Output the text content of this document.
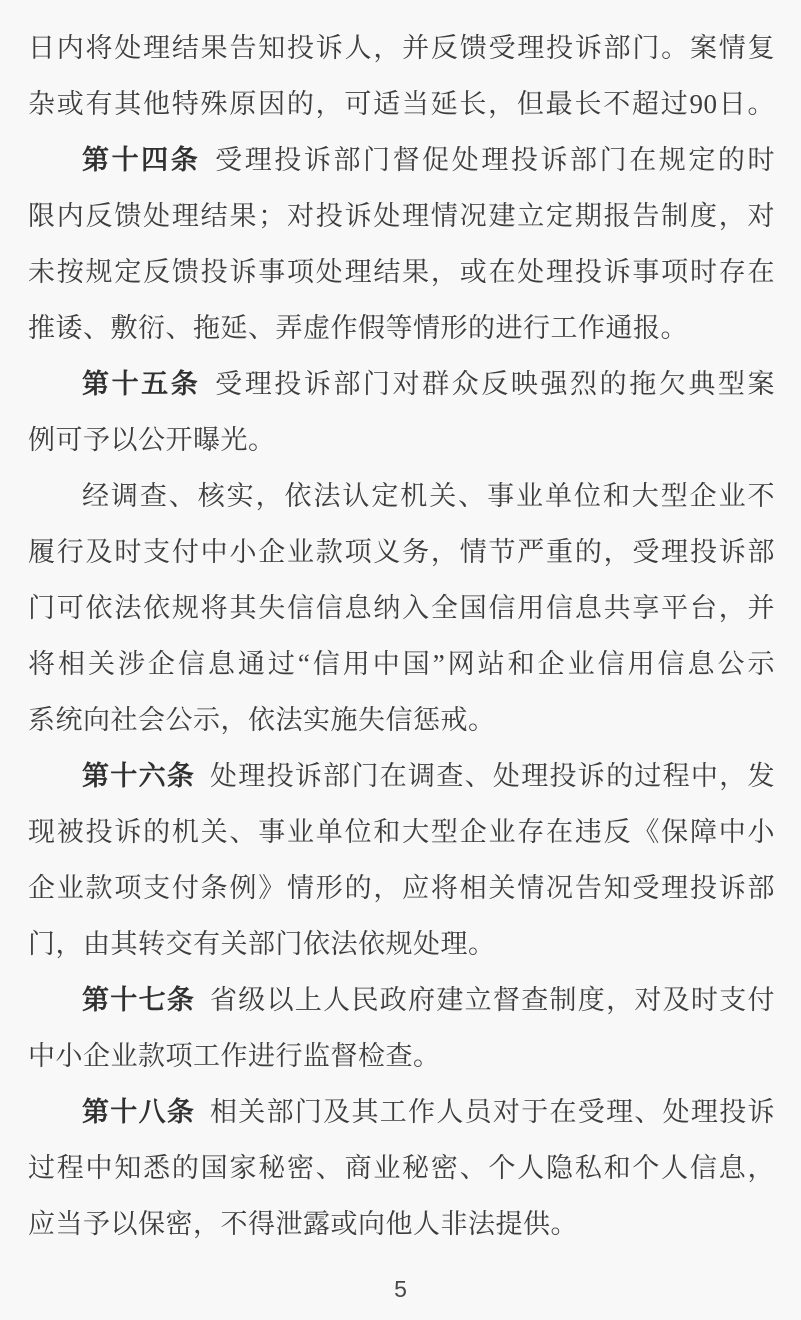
日内将处理结果告知投诉人，并反馈受理投诉部门。案情复
杂或有其他特殊原因的，可适当延长，但最长不超过90日。
第十四条 受理投诉部门督促处理投诉部门在规定的时
限内反馈处理结果；对投诉处理情况建立定期报告制度，对
未按规定反馈投诉事项处理结果，或在处理投诉事项时存在
推诿、敷衍、拖延、弄虚作假等情形的进行工作通报。
第十五条 受理投诉部门对群众反映强烈的拖欠典型案
例可予以公开曝光。
经调查、核实，依法认定机关、事业单位和大型企业不
履行及时支付中小企业款项义务，情节严重的，受理投诉部
门可依法依规将其失信信息纳入全国信用信息共享平台，并
将相关涉企信息通过“信用中国”网站和企业信用信息公示
系统向社会公示，依法实施失信惩戒。
第十六条 处理投诉部门在调查、处理投诉的过程中，发
现被投诉的机关、事业单位和大型企业存在违反《保障中小
企业款项支付条例》情形的，应将相关情况告知受理投诉部
门，由其转交有关部门依法依规处理。
第十七条 省级以上人民政府建立督查制度，对及时支付
中小企业款项工作进行监督检查。
第十八条 相关部门及其工作人员对于在受理、处理投诉
过程中知悉的国家秘密、商业秘密、个人隐私和个人信息，
应当予以保密，不得泄露或向他人非法提供。
5
